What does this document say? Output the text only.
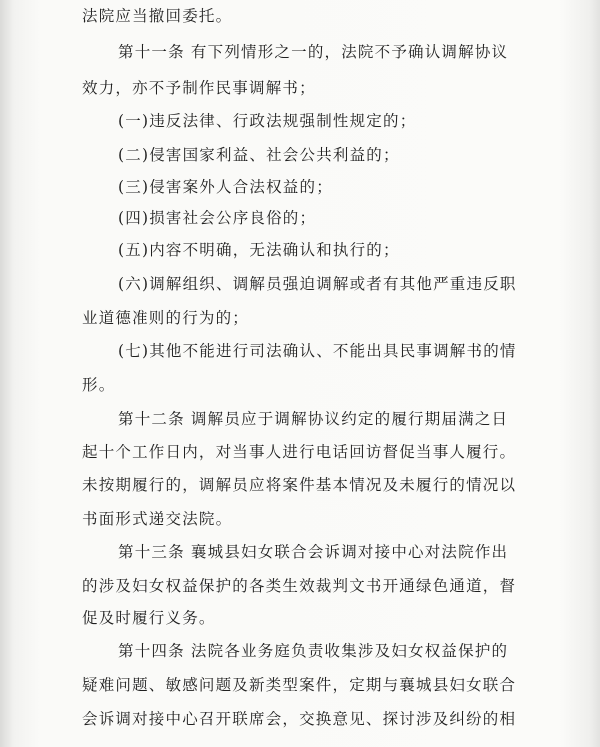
法院应当撤回委托。
第十一条 有下列情形之一的，法院不予确认调解协议
效力，亦不予制作民事调解书；
(一)违反法律、行政法规强制性规定的；
(二)侵害国家利益、社会公共利益的；
(三)侵害案外人合法权益的；
(四)损害社会公序良俗的；
(五)内容不明确，无法确认和执行的；
(六)调解组织、调解员强迫调解或者有其他严重违反职
业道德准则的行为的；
(七)其他不能进行司法确认、不能出具民事调解书的情
形。
第十二条 调解员应于调解协议约定的履行期届满之日
起十个工作日内，对当事人进行电话回访督促当事人履行。
未按期履行的，调解员应将案件基本情况及未履行的情况以
书面形式递交法院。
第十三条 襄城县妇女联合会诉调对接中心对法院作出
的涉及妇女权益保护的各类生效裁判文书开通绿色通道，督
促及时履行义务。
第十四条 法院各业务庭负责收集涉及妇女权益保护的
疑难问题、敏感问题及新类型案件，定期与襄城县妇女联合
会诉调对接中心召开联席会，交换意见、探讨涉及纠纷的相
